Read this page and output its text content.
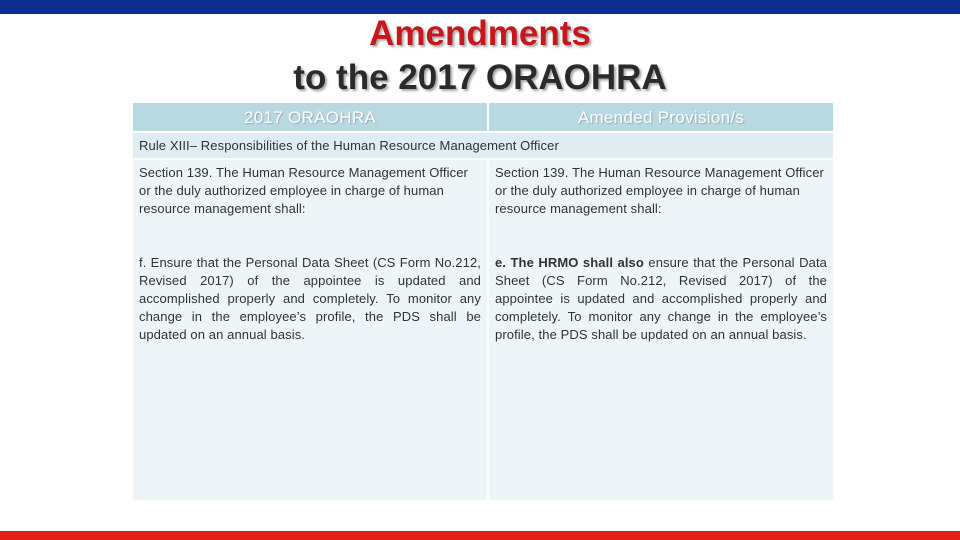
Amendments
to the 2017 ORAOHRA
2017 ORAOHRA	Amended Provision/s
Rule XIII– Responsibilities of the Human Resource Management Officer

Section 139. The Human Resource Management Officer or the duly authorized employee in charge of human resource management shall:

f. Ensure that the Personal Data Sheet (CS Form No.212, Revised 2017) of the appointee is updated and accomplished properly and completely. To monitor any change in the employee’s profile, the PDS shall be updated on an annual basis.

Section 139. The Human Resource Management Officer or the duly authorized employee in charge of human resource management shall:

e. The HRMO shall also ensure that the Personal Data Sheet (CS Form No.212, Revised 2017) of the appointee is updated and accomplished properly and completely. To monitor any change in the employee’s profile, the PDS shall be updated on an annual basis.
